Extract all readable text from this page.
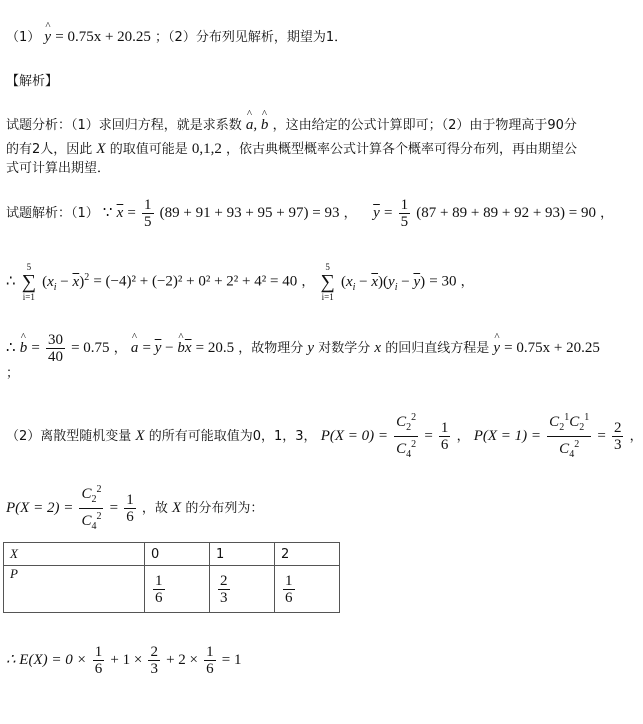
（1） ^ y = 0.75x + 20.25 ；（2）分布列见解析，期望为1．
【解析】
试题分析：（1）求回归方程，就是求系数 ^ a, ^ b ，这由给定的公式计算即可；（2）由于物理高于90分
的有2人，因此 X 的取值可能是 0,1,2 ，依古典概型概率公式计算各个概率可得分布列，再由期望公
式可计算出期望．
试题解析：（1） ∵ $\overline{x} = \frac{1}{5} (89 + 91 + 93 + 95 + 97) = 93$ ， $\overline{y} = \frac{1}{5} (87 + 89 + 89 + 92 + 93) = 90$ ，
∴
5
∑
i=1
$(x_i - \overline{x})^2 = (-4)^2 + (-2)^2 + 0^2 + 2^2 + 4^2 = 40$ ，
5
∑
i=1
$(x_i - \overline{x})(y_i - \overline{y}) = 30$ ，
∴ ^ $b = \frac{30}{40} = 0.75$ ， ^ $a = \overline{y}$ − ^ $b\overline{x} = 20.5$ ，故物理分 y 对数学分 x 的回归直线方程是 ^ y = 0.75x + 20.25
；
（2）离散型随机变量 X 的所有可能取值为0，1，3， $P(X = 0) = \frac{C_2^2}{C_4^2} = \frac{1}{6}$ ， $P(X = 1) = \frac{C_2^1C_2^1}{C_4^2} = \frac{2}{3}$ ，
$P(X = 2) = \frac{C_2^2}{C_4^2} = \frac{1}{6}$ ，故 X 的分布列为：
X	0	1	2
P	$\frac{1}{6}$	$\frac{2}{3}$	$\frac{1}{6}$
∴ $E(X) = 0 \times \frac{1}{6} + 1 \times \frac{2}{3} + 2 \times \frac{1}{6} = 1$
